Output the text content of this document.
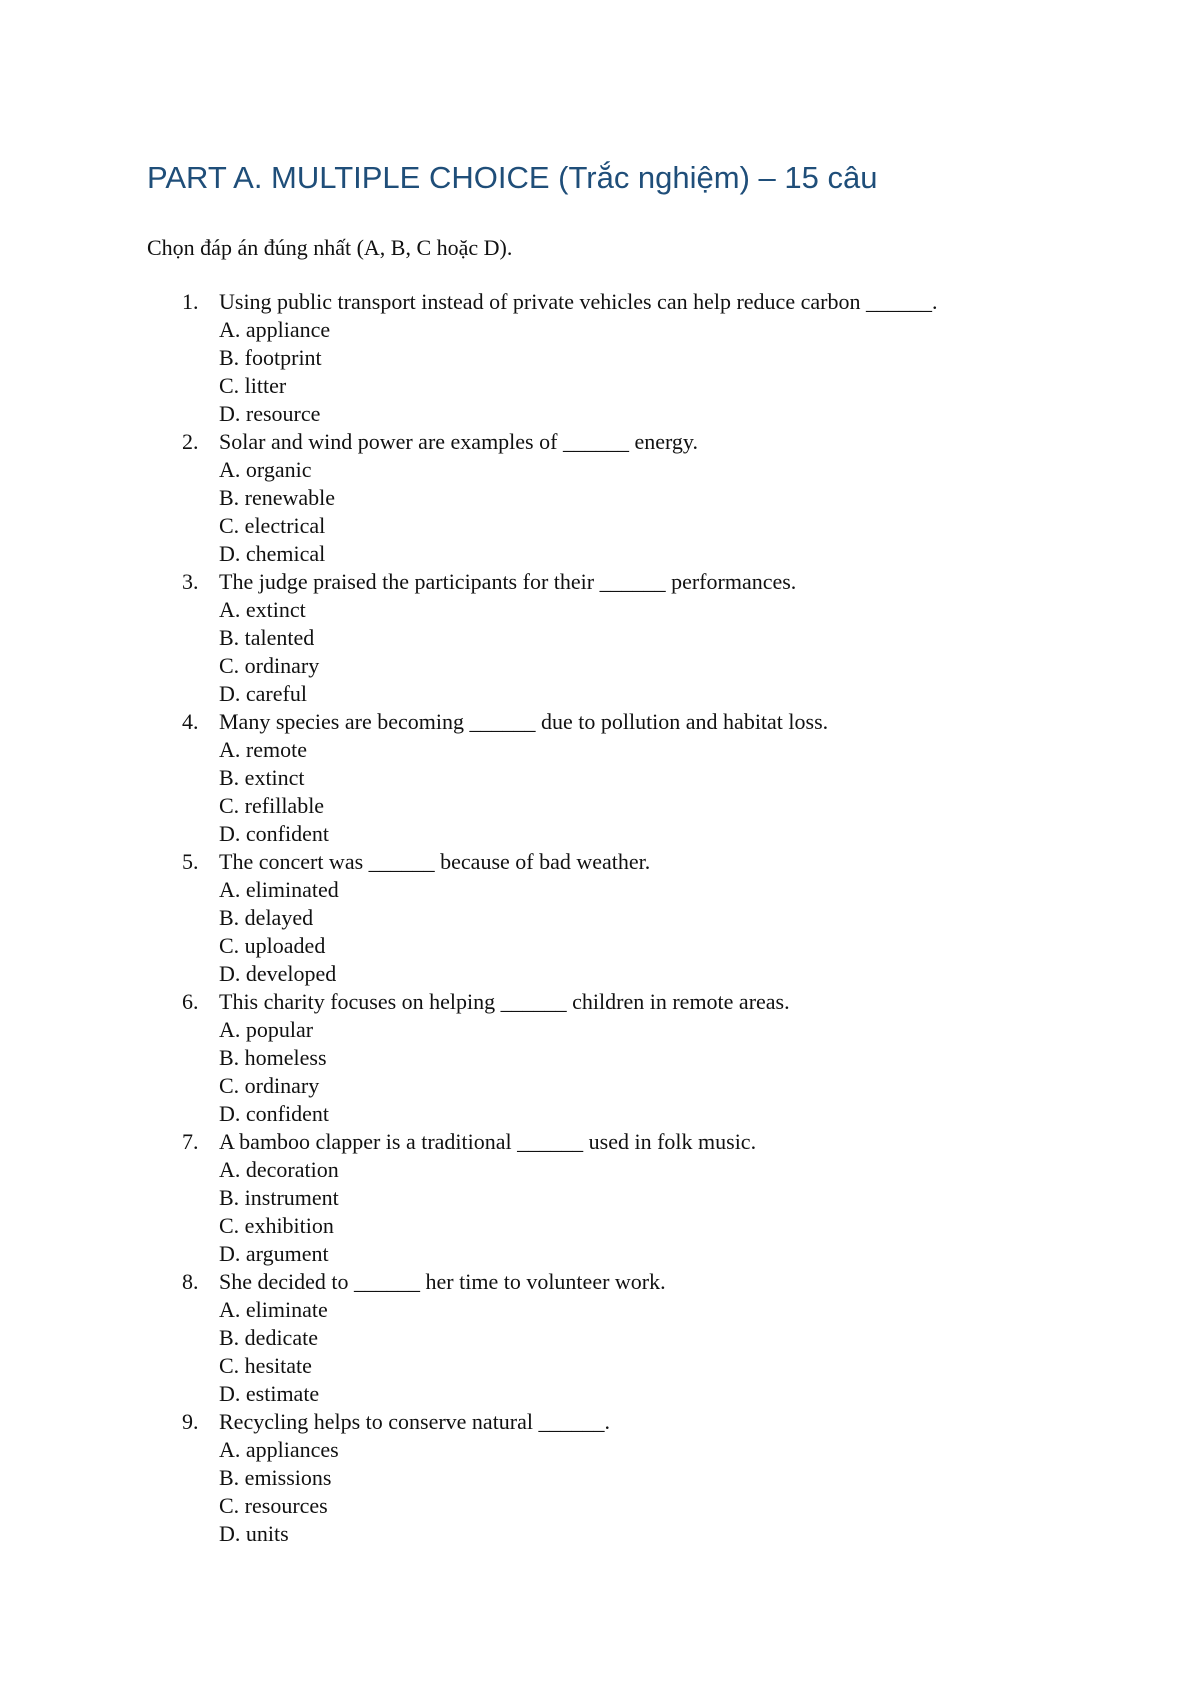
PART A. MULTIPLE CHOICE (Trắc nghiệm) – 15 câu

Chọn đáp án đúng nhất (A, B, C hoặc D).

1. Using public transport instead of private vehicles can help reduce carbon ______.
A. appliance
B. footprint
C. litter
D. resource
2. Solar and wind power are examples of ______ energy.
A. organic
B. renewable
C. electrical
D. chemical
3. The judge praised the participants for their ______ performances.
A. extinct
B. talented
C. ordinary
D. careful
4. Many species are becoming ______ due to pollution and habitat loss.
A. remote
B. extinct
C. refillable
D. confident
5. The concert was ______ because of bad weather.
A. eliminated
B. delayed
C. uploaded
D. developed
6. This charity focuses on helping ______ children in remote areas.
A. popular
B. homeless
C. ordinary
D. confident
7. A bamboo clapper is a traditional ______ used in folk music.
A. decoration
B. instrument
C. exhibition
D. argument
8. She decided to ______ her time to volunteer work.
A. eliminate
B. dedicate
C. hesitate
D. estimate
9. Recycling helps to conserve natural ______.
A. appliances
B. emissions
C. resources
D. units
